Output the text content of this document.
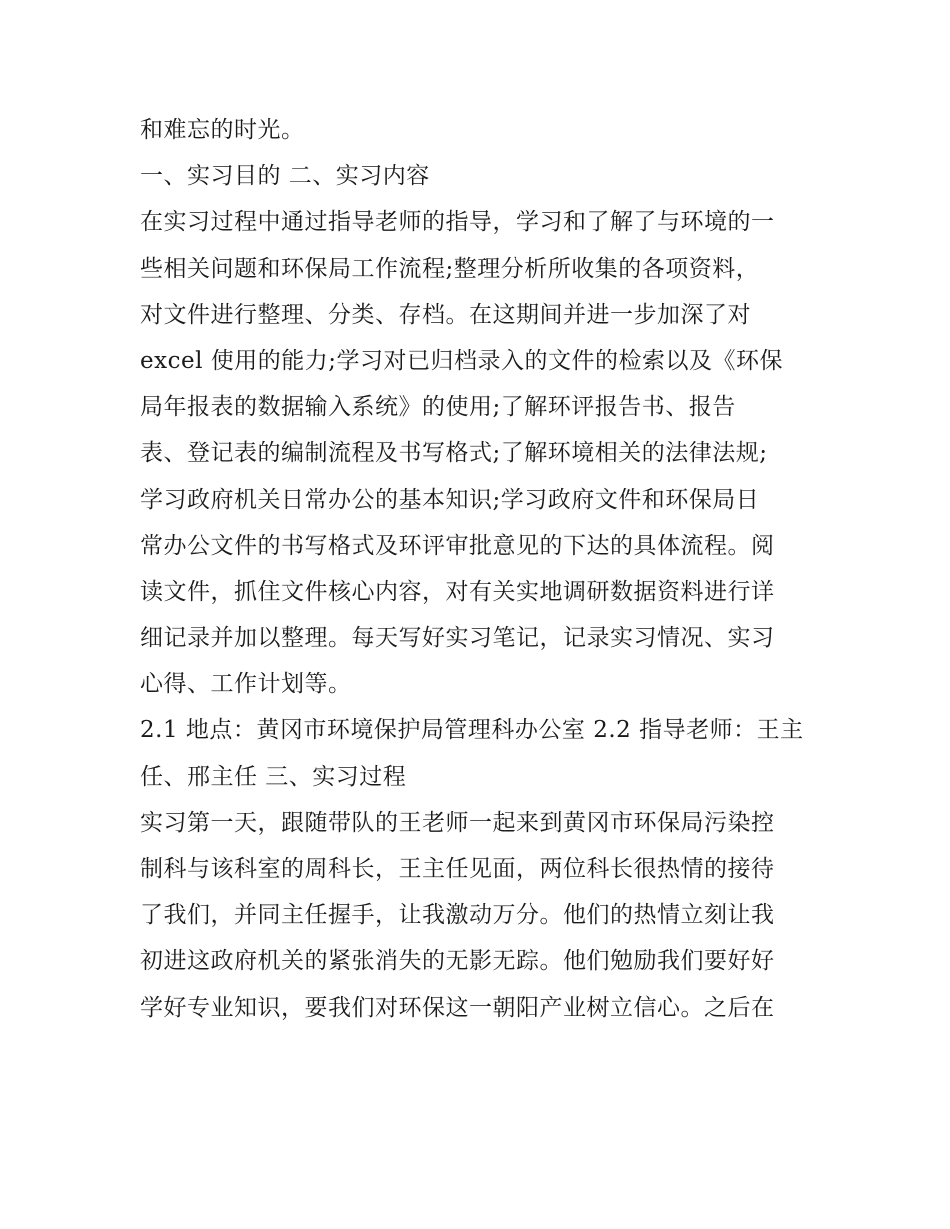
和难忘的时光。
一、实习目的 二、实习内容
在实习过程中通过指导老师的指导，学习和了解了与环境的一
些相关问题和环保局工作流程;整理分析所收集的各项资料，
对文件进行整理、分类、存档。在这期间并进一步加深了对
excel 使用的能力;学习对已归档录入的文件的检索以及《环保
局年报表的数据输入系统》的使用;了解环评报告书、报告
表、登记表的编制流程及书写格式;了解环境相关的法律法规;
学习政府机关日常办公的基本知识;学习政府文件和环保局日
常办公文件的书写格式及环评审批意见的下达的具体流程。阅
读文件，抓住文件核心内容，对有关实地调研数据资料进行详
细记录并加以整理。每天写好实习笔记，记录实习情况、实习
心得、工作计划等。
2.1 地点：黄冈市环境保护局管理科办公室 2.2 指导老师：王主
任、邢主任 三、实习过程
实习第一天，跟随带队的王老师一起来到黄冈市环保局污染控
制科与该科室的周科长，王主任见面，两位科长很热情的接待
了我们，并同主任握手，让我激动万分。他们的热情立刻让我
初进这政府机关的紧张消失的无影无踪。他们勉励我们要好好
学好专业知识，要我们对环保这一朝阳产业树立信心。之后在
